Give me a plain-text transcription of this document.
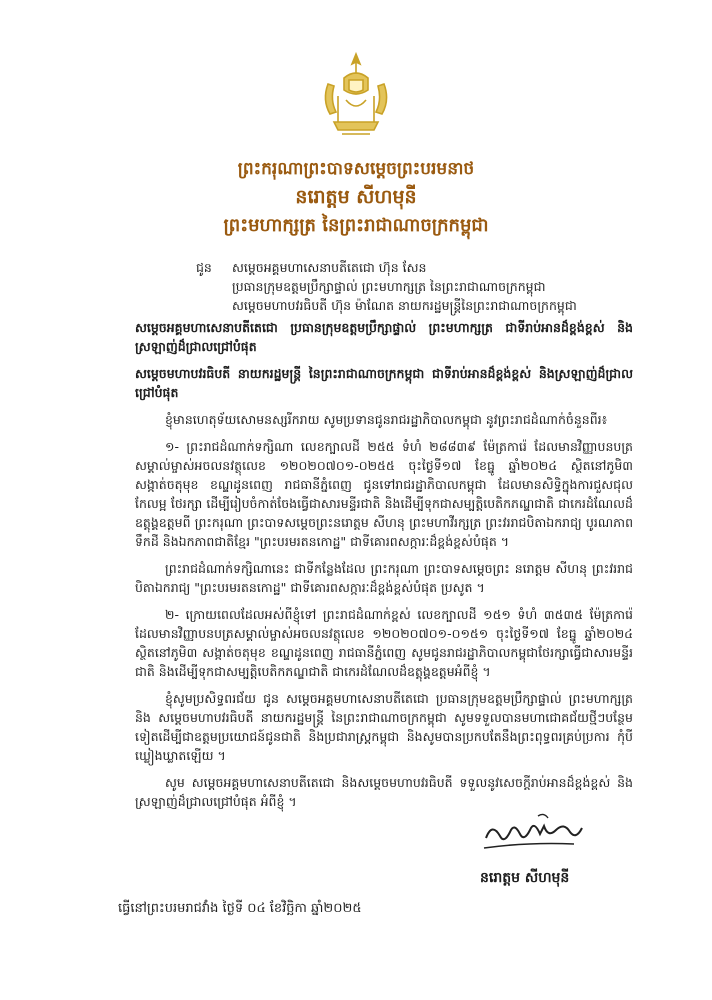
ព្រះករុណាព្រះបាទសម្ដេចព្រះបរមនាថ
នរោត្ដម សីហមុនី
ព្រះមហាក្សត្រ នៃព្រះរាជាណាចក្រកម្ពុជា
ជូន សម្ដេចអគ្គមហាសេនាបតីតេជោ ហ៊ុន សែន
ប្រធានក្រុមឧត្ដមប្រឹក្សាផ្ទាល់ ព្រះមហាក្សត្រ នៃព្រះរាជាណាចក្រកម្ពុជា
សម្ដេចមហាបវរធិបតី ហ៊ុន ម៉ាណែត នាយករដ្ឋមន្ត្រីនៃព្រះរាជាណាចក្រកម្ពុជា

សម្ដេចអគ្គមហាសេនាបតីតេជោ ប្រធានក្រុមឧត្ដមប្រឹក្សាផ្ទាល់ ព្រះមហាក្សត្រ ជាទីរាប់អានដ៏ខ្ពង់ខ្ពស់ និងស្រឡាញ់ដ៏ជ្រាលជ្រៅបំផុត

សម្ដេចមហាបវរធិបតី នាយករដ្ឋមន្ត្រី នៃព្រះរាជាណាចក្រកម្ពុជា ជាទីរាប់អានដ៏ខ្ពង់ខ្ពស់ និងស្រឡាញ់ដ៏ជ្រាលជ្រៅបំផុត

ខ្ញុំមានហេតុទ័យសោមនស្សរីករាយ សូមប្រទានជូនរាជរដ្ឋាភិបាលកម្ពុជា នូវព្រះរាជដំណាក់ចំនួនពីរ៖

១- ព្រះរាជដំណាក់ទក្សិណា លេខក្បាលដី ២៥៥ ទំហំ ២៨៨៣៩ ម៉ែត្រការ៉េ ដែលមានវិញ្ញាបនបត្រសម្គាល់ម្ចាស់អចលនវត្ថុលេខ ១២០២០៧០១-០២៥៥ ចុះថ្ងៃទី១៧ ខែធ្នូ ឆ្នាំ២០២៤ ស្ថិតនៅភូមិ៣ សង្កាត់ចតុមុខ ខណ្ឌដូនពេញ រាជធានីភ្នំពេញ ជូនទៅរាជរដ្ឋាភិបាលកម្ពុជា ដែលមានសិទ្ធិក្នុងការជួសជុលកែលម្អ ថែរក្សា ដើម្បីរៀបចំកាត់ចែងធ្វើជាសារមន្ទីរជាតិ និងដើម្បីទុកជាសម្បត្តិបេតិកភណ្ឌជាតិ ជាកេរដំណែលដ៏ឧត្ដុង្គឧត្ដមពី ព្រះករុណា ព្រះបាទសម្ដេចព្រះនរោត្ដម សីហនុ ព្រះមហាវីរក្សត្រ ព្រះវររាជបិតាឯករាជ្យ បូរណភាពទឹកដី និងឯកភាពជាតិខ្មែរ "ព្រះបរមរតនកោដ្ឋ" ជាទីគោរពសក្ការៈដ៏ខ្ពង់ខ្ពស់បំផុត ។

ព្រះរាជដំណាក់ទក្សិណានេះ ជាទីកន្លែងដែល ព្រះករុណា ព្រះបាទសម្ដេចព្រះ នរោត្ដម សីហនុ ព្រះវររាជបិតាឯករាជ្យ "ព្រះបរមរតនកោដ្ឋ" ជាទីគោរពសក្ការៈដ៏ខ្ពង់ខ្ពស់បំផុត ប្រសូត ។

២- ក្រោយពេលដែលអស់ពីខ្ញុំទៅ ព្រះរាជដំណាក់ខ្ពស់ លេខក្បាលដី ១៥១ ទំហំ ៣៥៣៥ ម៉ែត្រការ៉េ ដែលមានវិញ្ញាបនបត្រសម្គាល់ម្ចាស់អចលនវត្ថុលេខ ១២០២០៧០១-០១៥១ ចុះថ្ងៃទី១៧ ខែធ្នូ ឆ្នាំ២០២៤ ស្ថិតនៅភូមិ៣ សង្កាត់ចតុមុខ ខណ្ឌដូនពេញ រាជធានីភ្នំពេញ សូមជូនរាជរដ្ឋាភិបាលកម្ពុជាថែរក្សាធ្វើជាសារមន្ទីរជាតិ និងដើម្បីទុកជាសម្បត្តិបេតិកភណ្ឌជាតិ ជាកេរដំណែលដ៏ឧត្ដុង្គឧត្ដមអំពីខ្ញុំ ។

ខ្ញុំសូមប្រសិទ្ធពរជ័យ ជូន សម្ដេចអគ្គមហាសេនាបតីតេជោ ប្រធានក្រុមឧត្ដមប្រឹក្សាផ្ទាល់ ព្រះមហាក្សត្រ និង សម្ដេចមហាបវរធិបតី នាយករដ្ឋមន្ត្រី នៃព្រះរាជាណាចក្រកម្ពុជា សូមទទួលបានមហាជោគជ័យថ្មីៗបន្ថែមទៀតដើម្បីជាឧត្ដមប្រយោជន៍ជូនជាតិ និងប្រជារាស្ត្រកម្ពុជា និងសូមបានប្រកបតែនឹងព្រះពុទ្ធពរគ្រប់ប្រការ កុំបីឃ្លៀងឃ្លាតឡើយ ។

សូម សម្ដេចអគ្គមហាសេនាបតីតេជោ និងសម្ដេចមហាបវរធិបតី ទទួលនូវសេចក្ដីរាប់អានដ៏ខ្ពង់ខ្ពស់ និងស្រឡាញ់ដ៏ជ្រាលជ្រៅបំផុត អំពីខ្ញុំ ។

នរោត្ដម សីហមុនី
ធ្វើនៅព្រះបរមរាជវាំង ថ្ងៃទី ០៤ ខែវិច្ឆិកា ឆ្នាំ២០២៥
